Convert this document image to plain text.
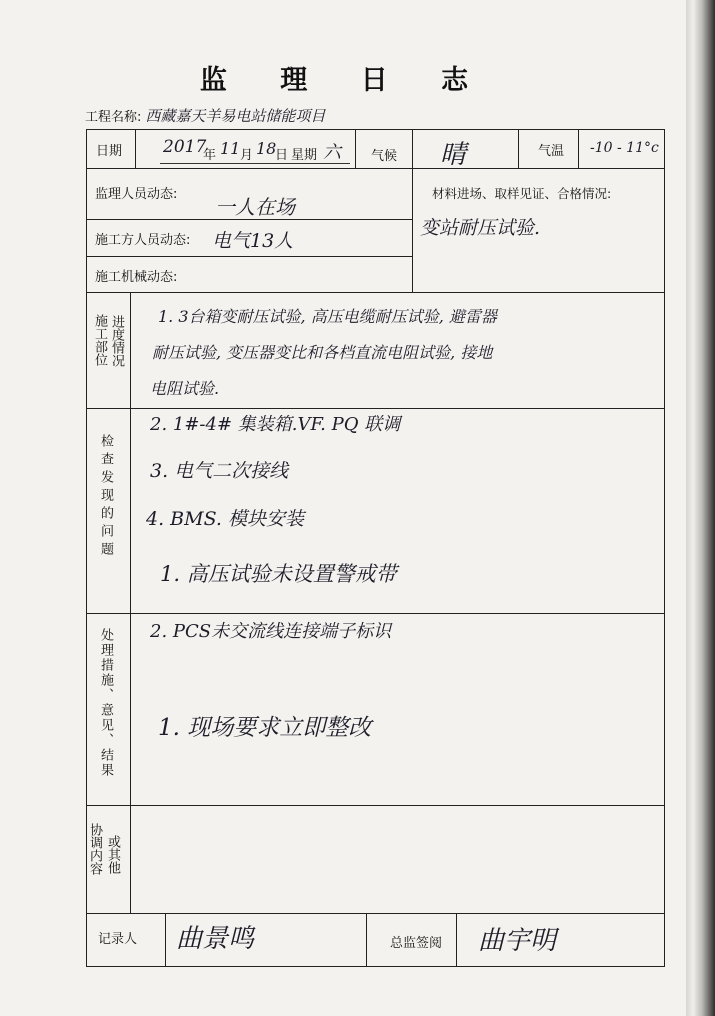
监 理 日 志
工程名称: 西藏嘉天羊易电站储能项目
日期 2017
年 11 月 18
日 星期 六 气候 晴	气温 -10 - 11°c
监理人员动态:
一人在场
施工方人员动态: 电气13人
施工机械动态:
材料进场、取样见证、合格情况:
变站耐压试验.
施工部位 进度情况 1. 3台箱变耐压试验, 高压电缆耐压试验, 避雷器
耐压试验, 变压器变比和各档直流电阻试验, 接地
电阻试验.
检查发现的问题
2. 1#-4# 集装箱.VF. PQ 联调
3. 电气二次接线
4. BMS. 模块安装
1. 高压试验未设置警戒带
处理措施、意见、结果 2. PCS未交流线连接端子标识
1. 现场要求立即整改
协调内容 或其他
记录人 曲景鸣	总监签阅 曲宇明
